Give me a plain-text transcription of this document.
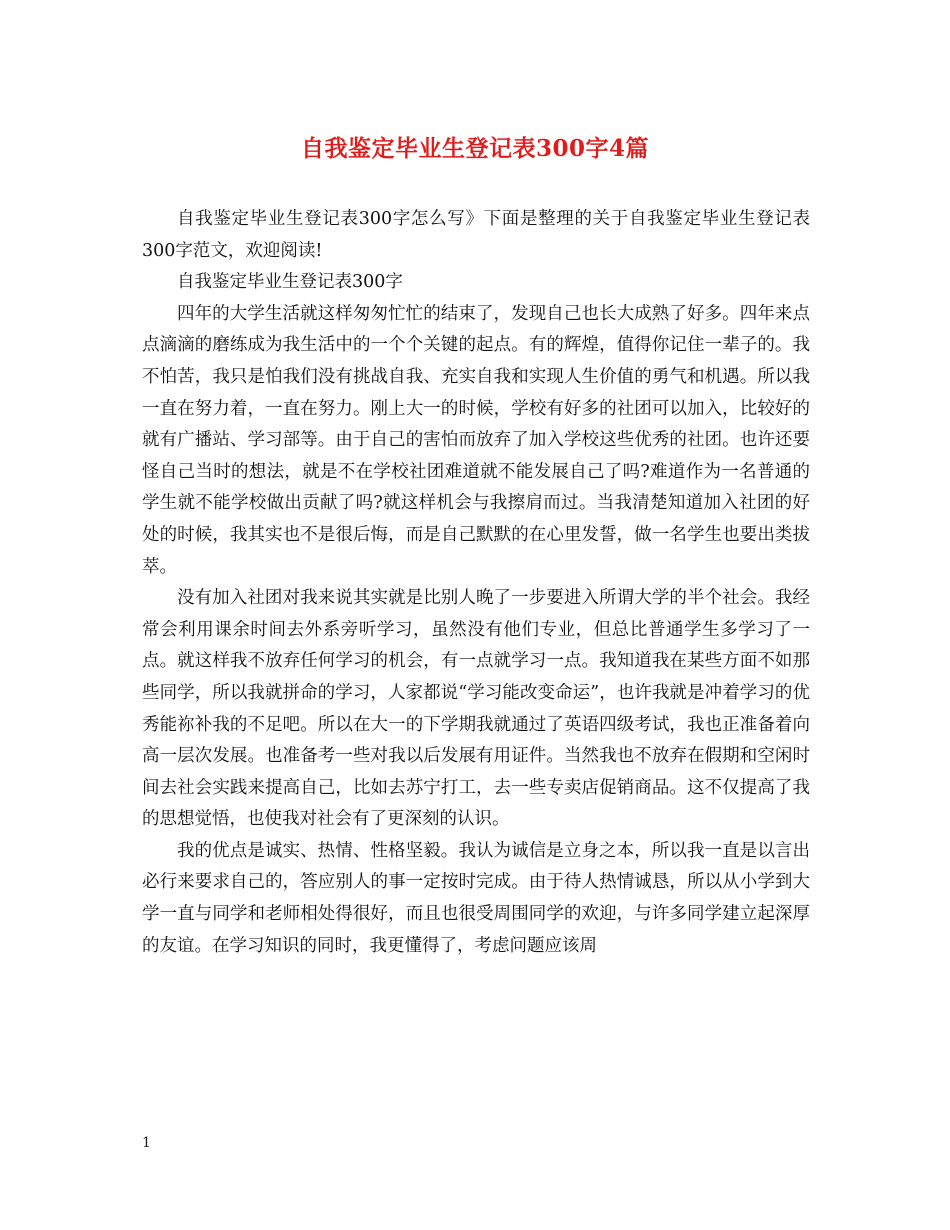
自我鉴定毕业生登记表300字4篇

自我鉴定毕业生登记表300字怎么写》下面是整理的关于自我鉴定毕业生登记表300字范文，欢迎阅读!

自我鉴定毕业生登记表300字

四年的大学生活就这样匆匆忙忙的结束了，发现自己也长大成熟了好多。四年来点点滴滴的磨练成为我生活中的一个个关键的起点。有的辉煌，值得你记住一辈子的。我不怕苦，我只是怕我们没有挑战自我、充实自我和实现人生价值的勇气和机遇。所以我一直在努力着，一直在努力。刚上大一的时候，学校有好多的社团可以加入，比较好的就有广播站、学习部等。由于自己的害怕而放弃了加入学校这些优秀的社团。也许还要怪自己当时的想法，就是不在学校社团难道就不能发展自己了吗?难道作为一名普通的学生就不能学校做出贡献了吗?就这样机会与我擦肩而过。当我清楚知道加入社团的好处的时候，我其实也不是很后悔，而是自己默默的在心里发誓，做一名学生也要出类拔萃。

没有加入社团对我来说其实就是比别人晚了一步要进入所谓大学的半个社会。我经常会利用课余时间去外系旁听学习，虽然没有他们专业，但总比普通学生多学习了一点。就这样我不放弃任何学习的机会，有一点就学习一点。我知道我在某些方面不如那些同学，所以我就拼命的学习，人家都说“学习能改变命运”，也许我就是冲着学习的优秀能祢补我的不足吧。所以在大一的下学期我就通过了英语四级考试，我也正准备着向高一层次发展。也准备考一些对我以后发展有用证件。当然我也不放弃在假期和空闲时间去社会实践来提高自己，比如去苏宁打工，去一些专卖店促销商品。这不仅提高了我的思想觉悟，也使我对社会有了更深刻的认识。

我的优点是诚实、热情、性格坚毅。我认为诚信是立身之本，所以我一直是以言出必行来要求自己的，答应别人的事一定按时完成。由于待人热情诚恳，所以从小学到大学一直与同学和老师相处得很好，而且也很受周围同学的欢迎，与许多同学建立起深厚的友谊。在学习知识的同时，我更懂得了，考虑问题应该周

1
